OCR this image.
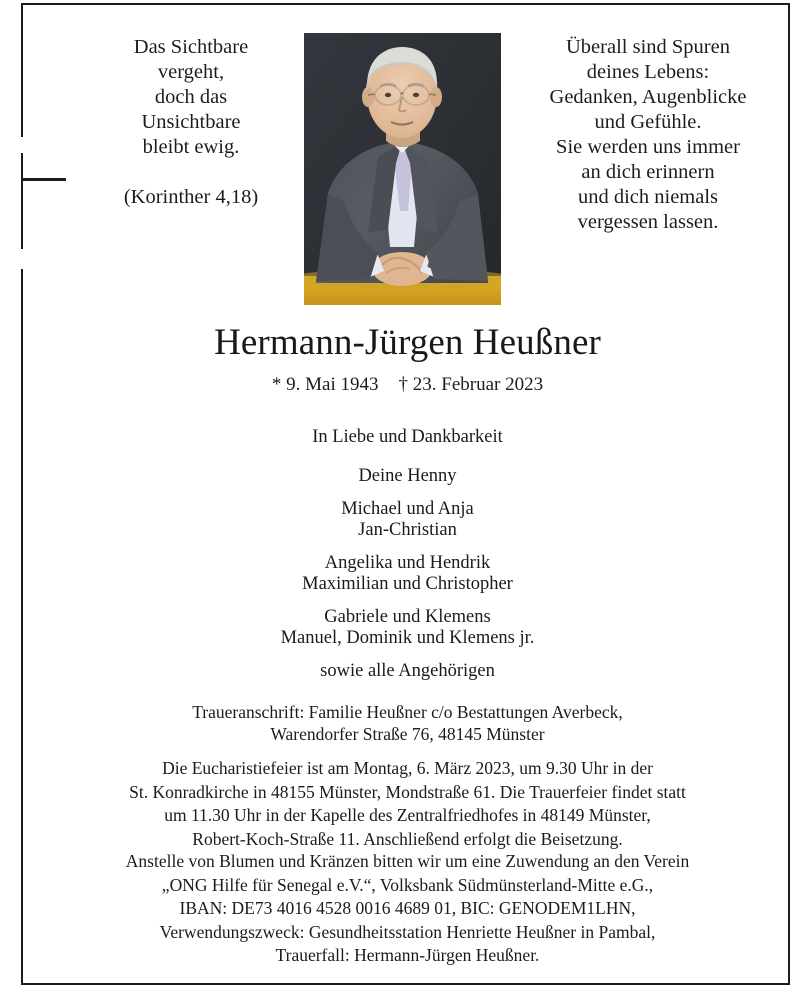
Das Sichtbare
vergeht,
doch das
Unsichtbare
bleibt ewig.
(Korinther 4,18)
Überall sind Spuren
deines Lebens:
Gedanken, Augenblicke
und Gefühle.
Sie werden uns immer
an dich erinnern
und dich niemals
vergessen lassen.
Hermann-Jürgen Heußner
* 9. Mai 1943 † 23. Februar 2023
In Liebe und Dankbarkeit
Deine Henny
Michael und Anja
Jan-Christian
Angelika und Hendrik
Maximilian und Christopher
Gabriele und Klemens
Manuel, Dominik und Klemens jr.
sowie alle Angehörigen
Traueranschrift: Familie Heußner c/o Bestattungen Averbeck,
Warendorfer Straße 76, 48145 Münster
Die Eucharistiefeier ist am Montag, 6. März 2023, um 9.30 Uhr in der
St. Konradkirche in 48155 Münster, Mondstraße 61. Die Trauerfeier findet statt
um 11.30 Uhr in der Kapelle des Zentralfriedhofes in 48149 Münster,
Robert-Koch-Straße 11. Anschließend erfolgt die Beisetzung.
Anstelle von Blumen und Kränzen bitten wir um eine Zuwendung an den Verein
„ONG Hilfe für Senegal e.V.“, Volksbank Südmünsterland-Mitte e.G.,
IBAN: DE73 4016 4528 0016 4689 01, BIC: GENODEM1LHN,
Verwendungszweck: Gesundheitsstation Henriette Heußner in Pambal,
Trauerfall: Hermann-Jürgen Heußner.
